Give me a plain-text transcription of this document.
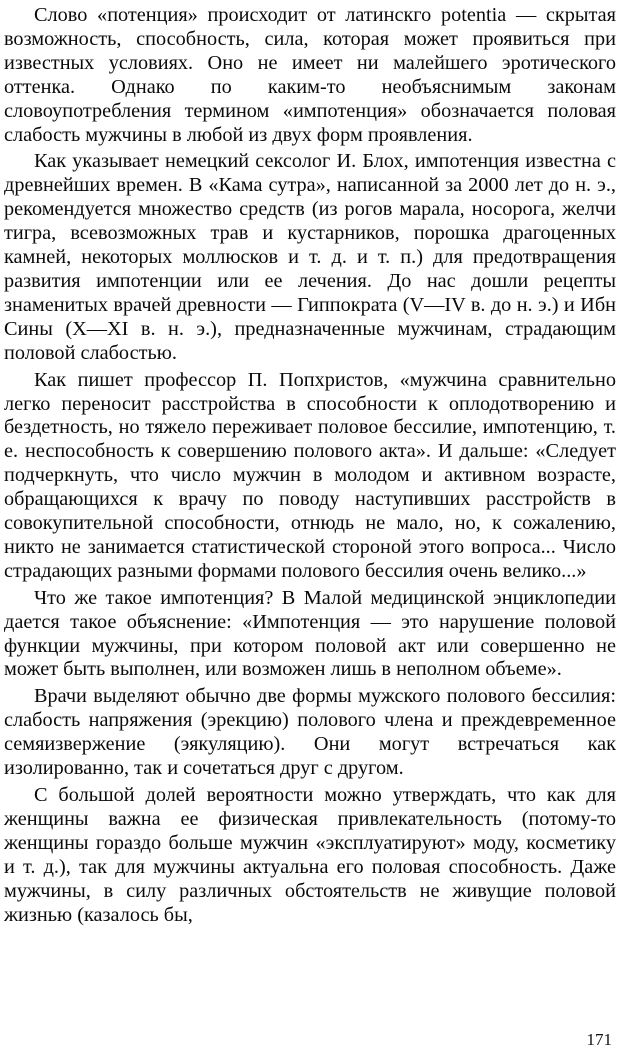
Слово «потенция» происходит от латинскго potentia — скрытая возможность, способность, сила, которая может проявиться при известных условиях. Оно не имеет ни малейшего эротического оттенка. Однако по каким-то необъяснимым законам словоупотребления термином «импотенция» обозначается половая слабость мужчины в любой из двух форм проявления.

Как указывает немецкий сексолог И. Блох, импотенция известна с древнейших времен. В «Кама сутра», написанной за 2000 лет до н. э., рекомендуется множество средств (из рогов марала, носорога, желчи тигра, всевозможных трав и кустарников, порошка драгоценных камней, некоторых моллюсков и т. д. и т. п.) для предотвращения развития импотенции или ее лечения. До нас дошли рецепты знаменитых врачей древности — Гиппократа (V—IV в. до н. э.) и Ибн Сины (X—XI в. н. э.), предназначенные мужчинам, страдающим половой слабостью.

Как пишет профессор П. Попхристов, «мужчина сравнительно легко переносит расстройства в способности к оплодотворению и бездетность, но тяжело переживает половое бессилие, импотенцию, т. е. неспособность к совершению полового акта». И дальше: «Следует подчеркнуть, что число мужчин в молодом и активном возрасте, обращающихся к врачу по поводу наступивших расстройств в совокупительной способности, отнюдь не мало, но, к сожалению, никто не занимается статистической стороной этого вопроса... Число страдающих разными формами полового бессилия очень велико...»

Что же такое импотенция? В Малой медицинской энциклопедии дается такое объяснение: «Импотенция — это нарушение половой функции мужчины, при котором половой акт или совершенно не может быть выполнен, или возможен лишь в неполном объеме».

Врачи выделяют обычно две формы мужского полового бессилия: слабость напряжения (эрекцию) полового члена и преждевременное семяизвержение (эякуляцию). Они могут встречаться как изолированно, так и сочетаться друг с другом.

С большой долей вероятности можно утверждать, что как для женщины важна ее физическая привлекательность (потому-то женщины гораздо больше мужчин «эксплуатируют» моду, косметику и т. д.), так для мужчины актуальна его половая способность. Даже мужчины, в силу различных обстоятельств не живущие половой жизнью (казалось бы,

171
